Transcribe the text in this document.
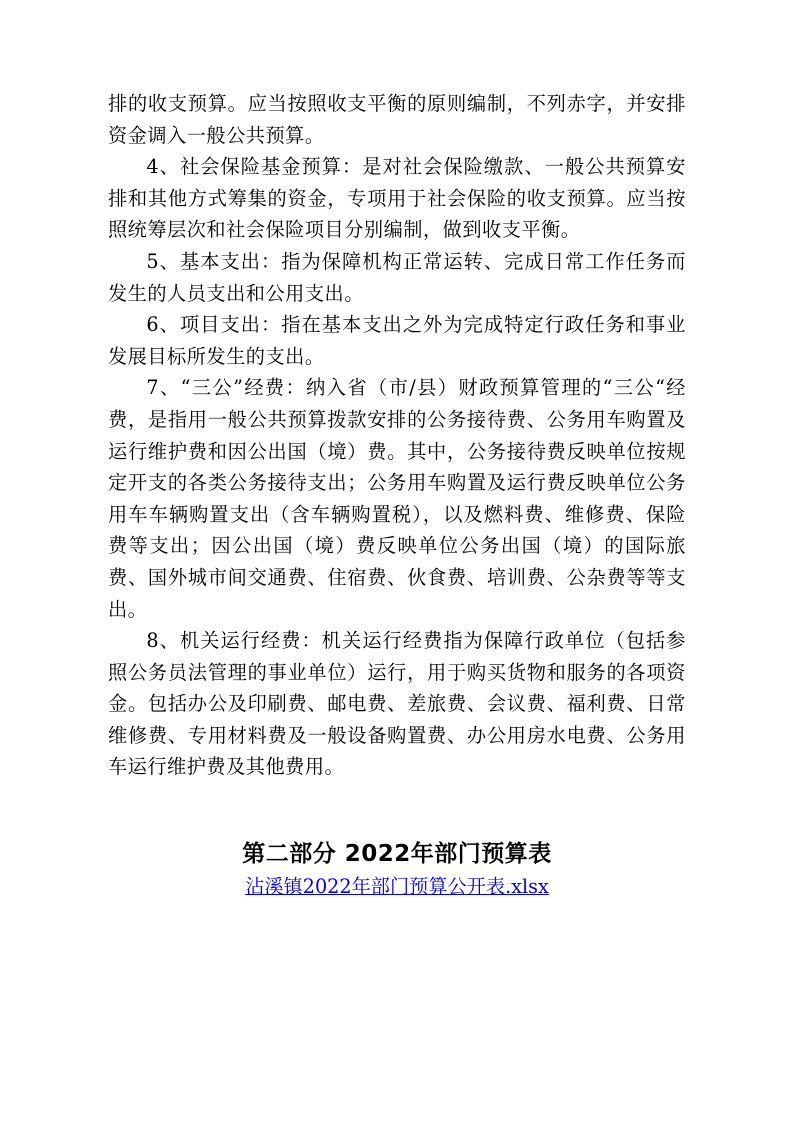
排的收支预算。应当按照收支平衡的原则编制，不列赤字，并安排资金调入一般公共预算。

4、社会保险基金预算：是对社会保险缴款、一般公共预算安排和其他方式筹集的资金，专项用于社会保险的收支预算。应当按照统筹层次和社会保险项目分别编制，做到收支平衡。

5、基本支出：指为保障机构正常运转、完成日常工作任务而发生的人员支出和公用支出。

6、项目支出：指在基本支出之外为完成特定行政任务和事业发展目标所发生的支出。

7、“三公”经费：纳入省（市/县）财政预算管理的“三公“经费，是指用一般公共预算拨款安排的公务接待费、公务用车购置及运行维护费和因公出国（境）费。其中，公务接待费反映单位按规定开支的各类公务接待支出；公务用车购置及运行费反映单位公务用车车辆购置支出（含车辆购置税），以及燃料费、维修费、保险费等支出；因公出国（境）费反映单位公务出国（境）的国际旅费、国外城市间交通费、住宿费、伙食费、培训费、公杂费等等支出。

8、机关运行经费：机关运行经费指为保障行政单位（包括参照公务员法管理的事业单位）运行，用于购买货物和服务的各项资金。包括办公及印刷费、邮电费、差旅费、会议费、福利费、日常维修费、专用材料费及一般设备购置费、办公用房水电费、公务用车运行维护费及其他费用。

第二部分 2022年部门预算表
沾溪镇2022年部门预算公开表.xlsx
